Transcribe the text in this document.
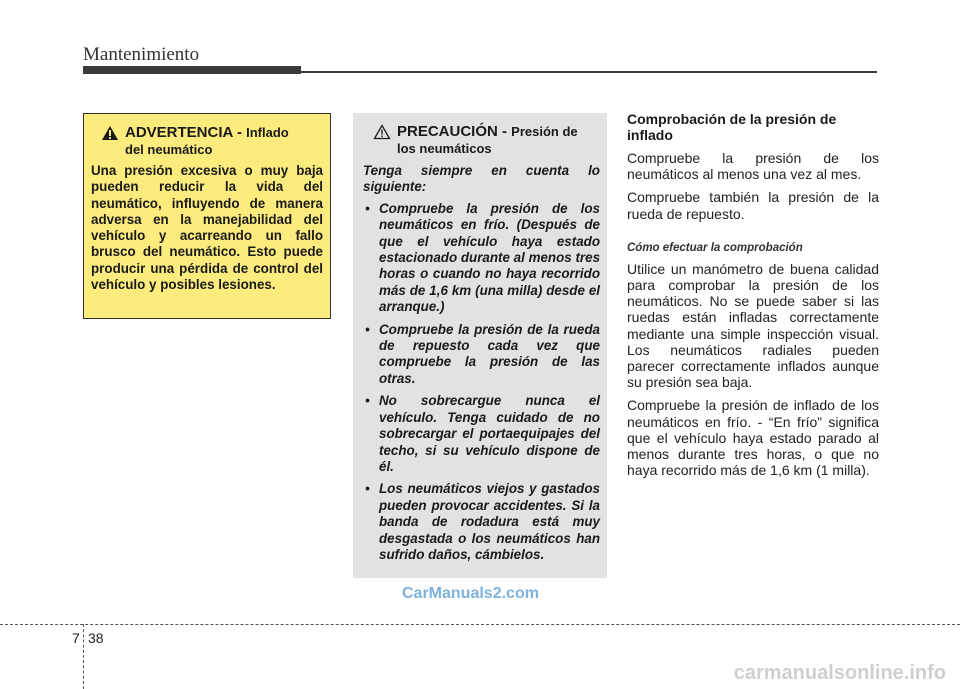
Mantenimiento
ADVERTENCIA - Inflado
del neumático
Una presión excesiva o muy baja pueden reducir la vida del neumático, influyendo de manera adversa en la manejabilidad del vehículo y acarreando un fallo brusco del neumático. Esto puede producir una pérdida de control del vehículo y posibles lesiones.
PRECAUCIÓN - Presión de
los neumáticos
Tenga siempre en cuenta lo siguiente:
• Compruebe la presión de los neumáticos en frío. (Después de que el vehículo haya estado estacionado durante al menos tres horas o cuando no haya recorrido más de 1,6 km (una milla) desde el arranque.)
• Compruebe la presión de la rueda de repuesto cada vez que compruebe la presión de las otras.
• No sobrecargue nunca el vehículo. Tenga cuidado de no sobrecargar el portaequipajes del techo, si su vehículo dispone de él.
• Los neumáticos viejos y gastados pueden provocar accidentes. Si la banda de rodadura está muy desgastada o los neumáticos han sufrido daños, cámbielos.
Comprobación de la presión de inflado

Compruebe la presión de los neumáticos al menos una vez al mes.

Compruebe también la presión de la rueda de repuesto.

Cómo efectuar la comprobación

Utilice un manómetro de buena calidad para comprobar la presión de los neumáticos. No se puede saber si las ruedas están infladas correctamente mediante una simple inspección visual. Los neumáticos radiales pueden parecer correctamente inflados aunque su presión sea baja.

Compruebe la presión de inflado de los neumáticos en frío. - “En frío” significa que el vehículo haya estado parado al menos durante tres horas, o que no haya recorrido más de 1,6 km (1 milla).

CarManuals2.com
7 38
carmanualsonline.info
